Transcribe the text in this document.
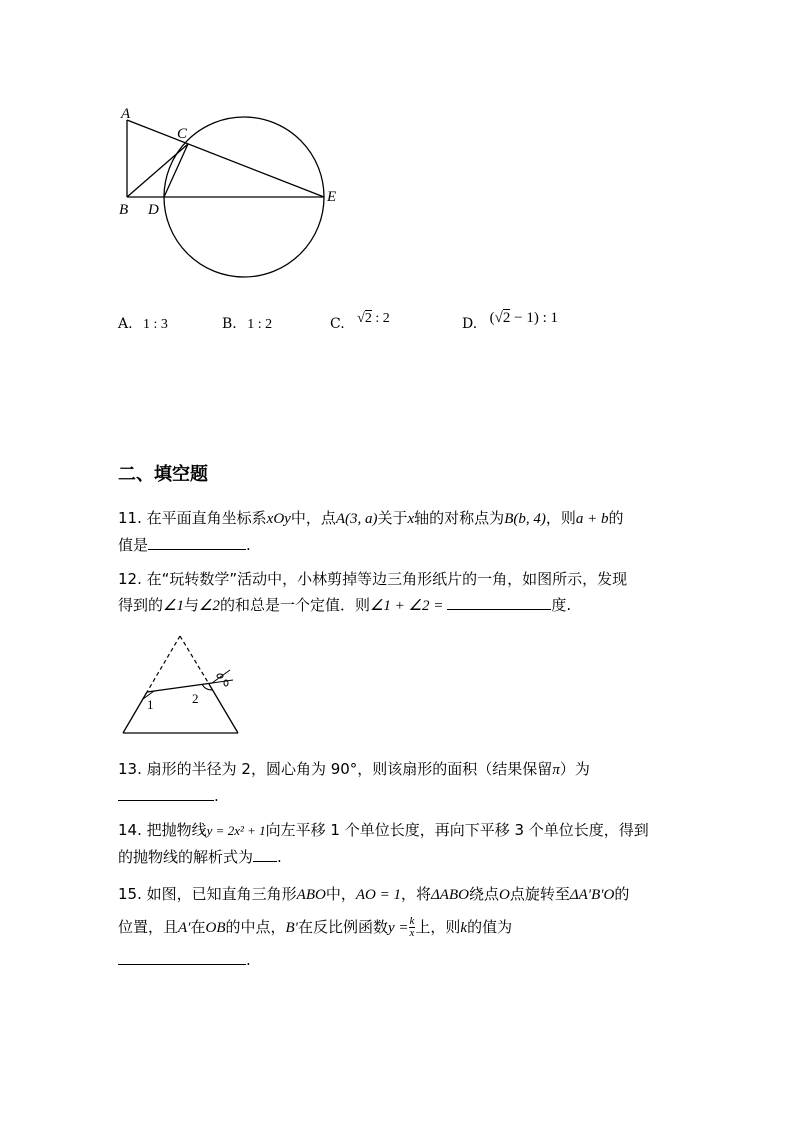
A
B
C
D
E
A. 1 : 3	B. 1 : 2	C. √2 : 2	D. (√2 − 1) : 1
二、填空题
11. 在平面直角坐标系xOy中，点A(3, a)关于x轴的对称点为B(b, 4)，则a + b的
值是	.
12. 在“玩转数学”活动中，小林剪掉等边三角形纸片的一角，如图所示，发现
得到的∠1与∠2的和总是一个定值．则∠1 + ∠2 =	度.
1	2
13. 扇形的半径为 2，圆心角为 90°，则该扇形的面积（结果保留π）为
.
14. 把抛物线y = 2x² + 1向左平移 1 个单位长度，再向下平移 3 个单位长度，得到
的抛物线的解析式为 .
15. 如图，已知直角三角形ABO中，AO = 1，将ΔABO绕点O点旋转至ΔA′B′O的
位置，且A′在OB的中点，B′在反比例函数$y = \frac{k}{x}$ 上，则k的值为
.
